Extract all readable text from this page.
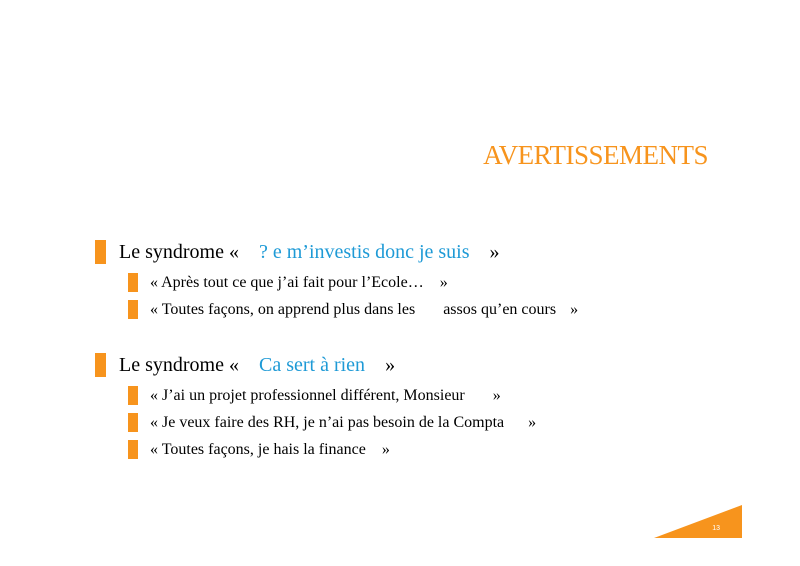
AVERTISSEMENTS
Le syndrome « ? e m’investis donc je suis »
« Après tout ce que j’ai fait pour l’Ecole… »
« Toutes façons, on apprend plus dans les assos qu’en cours »
Le syndrome « Ca sert à rien »
« J’ai un projet professionnel différent, Monsieur »
« Je veux faire des RH, je n’ai pas besoin de la Compta »
« Toutes façons, je hais la finance »
13
